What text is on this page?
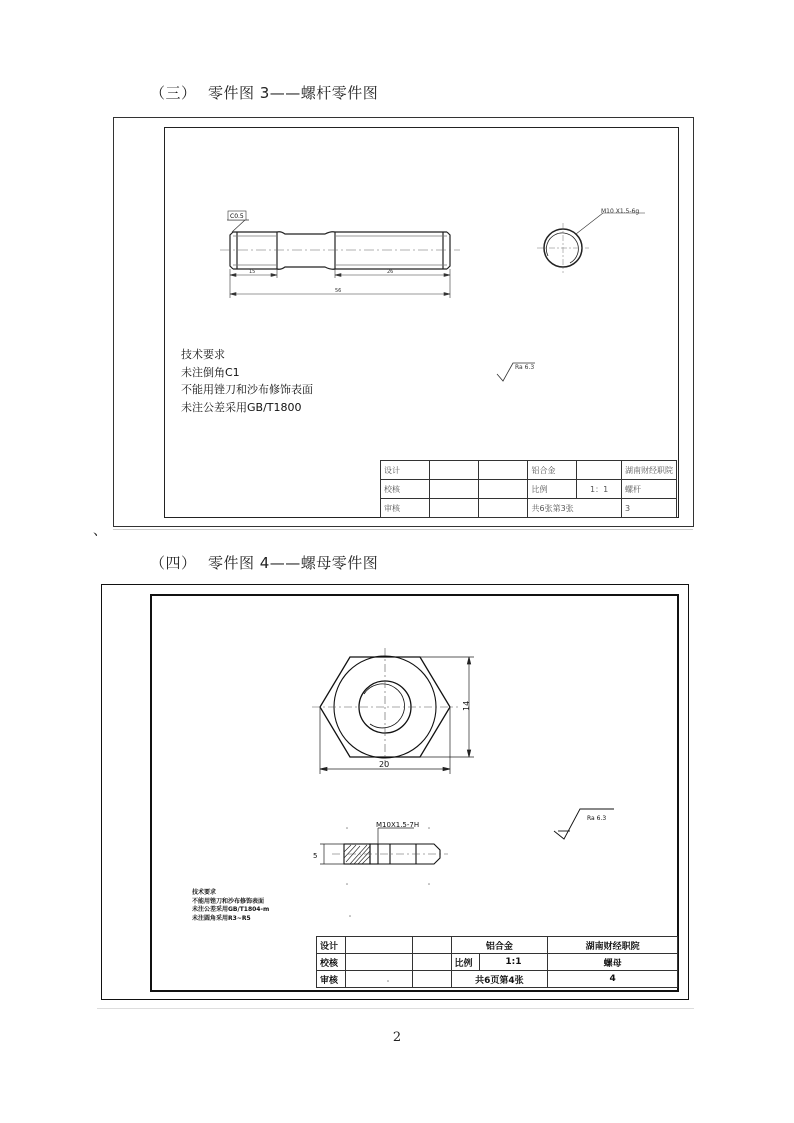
（三） 零件图 3——螺杆零件图
C0.5
15	26
56
M10 X1.5-6g
Ra 6.3
技术要求
未注倒角C1
不能用锉刀和沙布修饰表面
未注公差采用GB/T1800
设计			铝合金		湖南财经职院
校核			比例	1：1	螺杆
审核			共6张第3张		3
、
（四） 零件图 4——螺母零件图
20
14
5
M10X1.5-7H
Ra 6.3
技术要求
不能用锉刀和沙布修饰表面
未注公差采用GB/T1804-m
未注圆角采用R3~R5
设计			铝合金		湖南财经职院
校核			比例	1:1	螺母
审核			共6页第4张		4
2
